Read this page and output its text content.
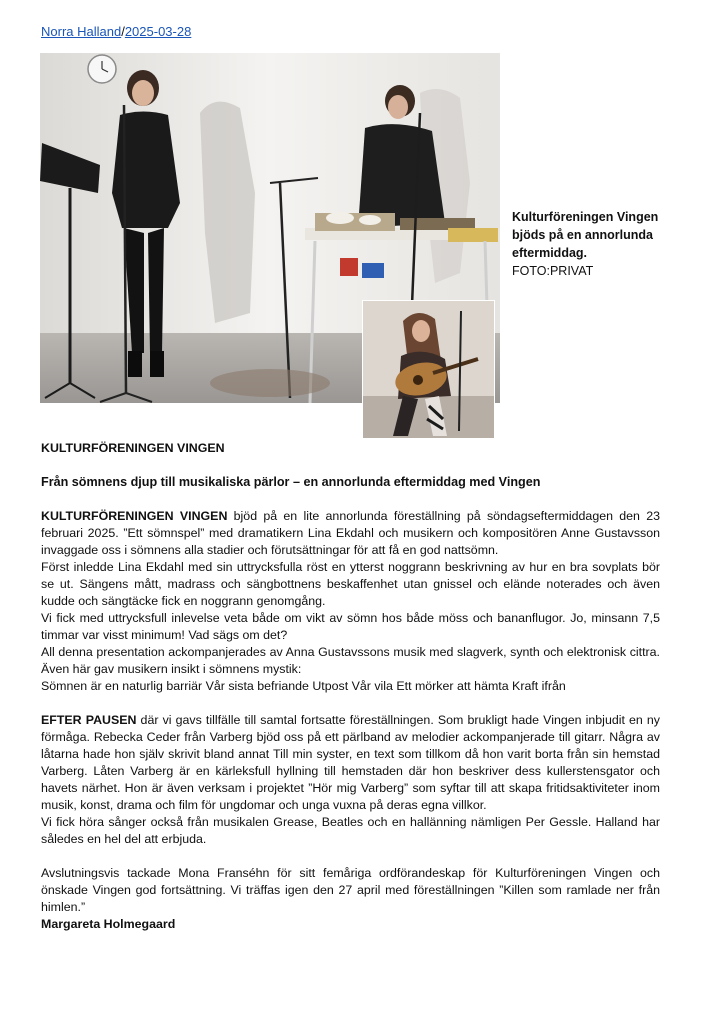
Norra Halland/2025-03-28
Kulturföreningen Vingen bjöds på en annorlunda eftermiddag.
FOTO:PRIVAT

KULTURFÖRENINGEN VINGEN

Från sömnens djup till musikaliska pärlor – en annorlunda eftermiddag med Vingen

KULTURFÖRENINGEN VINGEN bjöd på en lite annorlunda föreställning på söndagseftermiddagen den 23 februari 2025. ”Ett sömnspel” med dramatikern Lina Ekdahl och musikern och kompositören Anne Gustavsson invaggade oss i sömnens alla stadier och förutsättningar för att få en god nattsömn.

Först inledde Lina Ekdahl med sin uttrycksfulla röst en ytterst noggrann beskrivning av hur en bra sovplats bör se ut. Sängens mått, madrass och sängbottnens beskaffenhet utan gnissel och elände noterades och även kudde och sängtäcke fick en noggrann genomgång.

Vi fick med uttrycksfull inlevelse veta både om vikt av sömn hos både möss och bananflugor. Jo, minsann 7,5 timmar var visst minimum! Vad sägs om det?

All denna presentation ackompanjerades av Anna Gustavssons musik med slagverk, synth och elektronisk cittra. Även här gav musikern insikt i sömnens mystik:

Sömnen är en naturlig barriär Vår sista befriande Utpost Vår vila Ett mörker att hämta Kraft ifrån

EFTER PAUSEN där vi gavs tillfälle till samtal fortsatte föreställningen. Som brukligt hade Vingen inbjudit en ny förmåga. Rebecka Ceder från Varberg bjöd oss på ett pärlband av melodier ackompanjerade till gitarr. Några av låtarna hade hon själv skrivit bland annat Till min syster, en text som tillkom då hon varit borta från sin hemstad Varberg. Låten Varberg är en kärleksfull hyllning till hemstaden där hon beskriver dess kullerstensgator och havets närhet. Hon är även verksam i projektet ”Hör mig Varberg” som syftar till att skapa fritidsaktiviteter inom musik, konst, drama och film för ungdomar och unga vuxna på deras egna villkor.

Vi fick höra sånger också från musikalen Grease, Beatles och en hallänning nämligen Per Gessle. Halland har således en hel del att erbjuda.

Avslutningsvis tackade Mona Franséhn för sitt femåriga ordförandeskap för Kulturföreningen Vingen och önskade Vingen god fortsättning. Vi träffas igen den 27 april med föreställningen ”Killen som ramlade ner från himlen.”

Margareta Holmegaard
